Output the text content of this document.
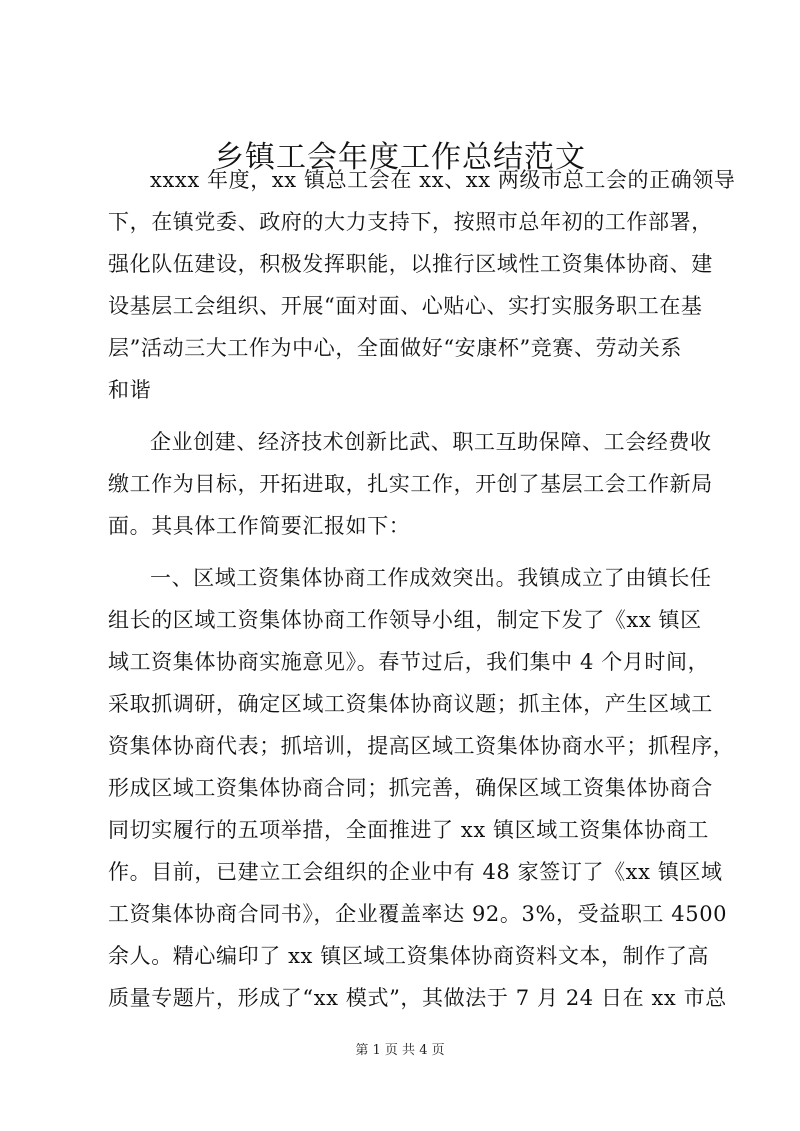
乡镇工会年度工作总结范文
xxxx 年度，xx 镇总工会在 xx、xx 两级市总工会的正确领导
下，在镇党委、政府的大力支持下，按照市总年初的工作部署，
强化队伍建设，积极发挥职能，以推行区域性工资集体协商、建
设基层工会组织、开展“面对面、心贴心、实打实服务职工在基
层”活动三大工作为中心，全面做好“安康杯”竞赛、劳动关系
和谐
企业创建、经济技术创新比武、职工互助保障、工会经费收
缴工作为目标，开拓进取，扎实工作，开创了基层工会工作新局
面。其具体工作简要汇报如下：
一、区域工资集体协商工作成效突出。我镇成立了由镇长任
组长的区域工资集体协商工作领导小组，制定下发了《xx 镇区
域工资集体协商实施意见》。春节过后，我们集中 4 个月时间，
采取抓调研，确定区域工资集体协商议题；抓主体，产生区域工
资集体协商代表；抓培训，提高区域工资集体协商水平；抓程序，
形成区域工资集体协商合同；抓完善，确保区域工资集体协商合
同切实履行的五项举措，全面推进了 xx 镇区域工资集体协商工
作。目前，已建立工会组织的企业中有 48 家签订了《xx 镇区域
工资集体协商合同书》，企业覆盖率达 92。3%，受益职工 4500
余人。精心编印了 xx 镇区域工资集体协商资料文本，制作了高
质量专题片，形成了“xx 模式”，其做法于 7 月 24 日在 xx 市总
第 1 页 共 4 页
